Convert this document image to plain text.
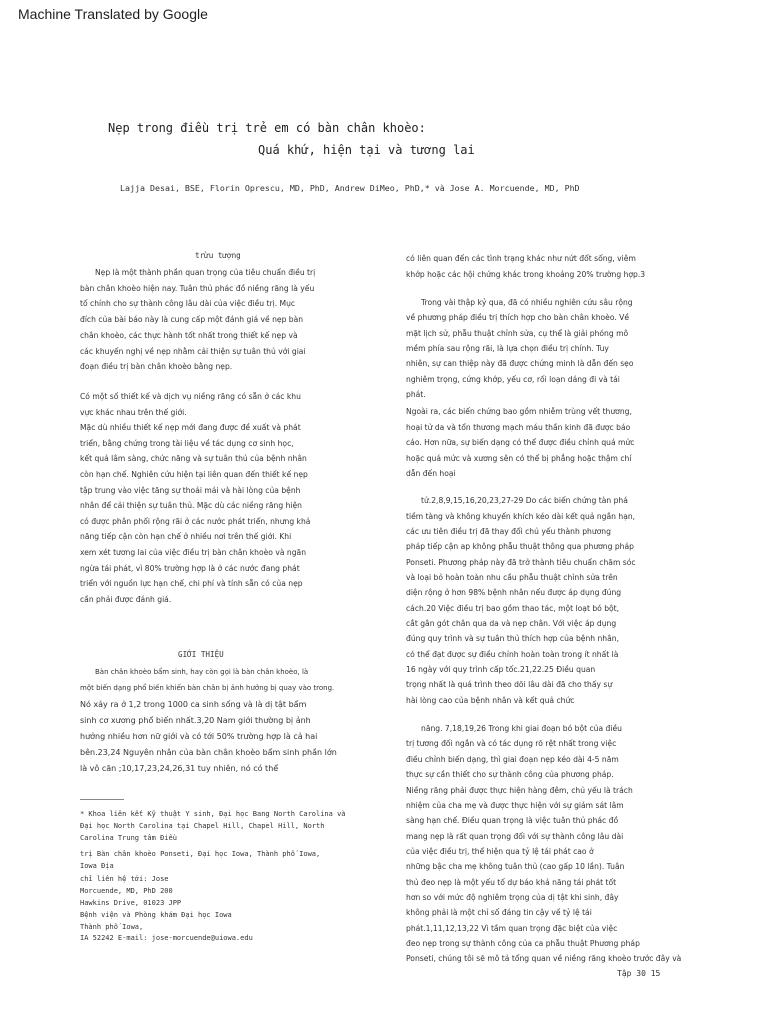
Machine Translated by Google
Nẹp trong điều trị trẻ em có bàn chân khoèo:
Quá khứ, hiện tại và tương lai
Lajja Desai, BSE, Florin Oprescu, MD, PhD, Andrew DiMeo, PhD,* và Jose A. Morcuende, MD, PhD
trừu tượng
Nẹp là một thành phần quan trọng của tiêu chuẩn điều trị
bàn chân khoèo hiện nay. Tuân thủ phác đồ niềng răng là yếu
tố chính cho sự thành công lâu dài của việc điều trị. Mục
đích của bài báo này là cung cấp một đánh giá về nẹp bàn
chân khoèo, các thực hành tốt nhất trong thiết kế nẹp và
các khuyến nghị về nẹp nhằm cải thiện sự tuân thủ với giai
đoạn điều trị bàn chân khoèo bằng nẹp.
Có một số thiết kế và dịch vụ niềng răng có sẵn ở các khu
vực khác nhau trên thế giới.
Mặc dù nhiều thiết kế nẹp mới đang được đề xuất và phát
triển, bằng chứng trong tài liệu về tác dụng cơ sinh học,
kết quả lâm sàng, chức năng và sự tuân thủ của bệnh nhân
còn hạn chế. Nghiên cứu hiện tại liên quan đến thiết kế nẹp
tập trung vào việc tăng sự thoải mái và hài lòng của bệnh
nhân để cải thiện sự tuân thủ. Mặc dù các niềng răng hiện
có được phân phối rộng rãi ở các nước phát triển, nhưng khả
năng tiếp cận còn hạn chế ở nhiều nơi trên thế giới. Khi
xem xét tương lai của việc điều trị bàn chân khoèo và ngăn
ngừa tái phát, vì 80% trường hợp là ở các nước đang phát
triển với nguồn lực hạn chế, chi phí và tính sẵn có của nẹp
cần phải được đánh giá.
GIỚI THIỆU
Bàn chân khoèo bẩm sinh, hay còn gọi là bàn chân khoèo, là
một biến dạng phổ biến khiến bàn chân bị ảnh hưởng bị quay vào trong.
Nó xảy ra ở 1,2 trong 1000 ca sinh sống và là dị tật bẩm
sinh cơ xương phổ biến nhất.3,20 Nam giới thường bị ảnh
hưởng nhiều hơn nữ giới và có tới 50% trường hợp là cả hai
bên.23,24 Nguyên nhân của bàn chân khoèo bẩm sinh phần lớn
là vô căn ;10,17,23,24,26,31 tuy nhiên, nó có thể
* Khoa liên kết Kỹ thuật Y sinh, Đại học Bang North Carolina và
Đại học North Carolina tại Chapel Hill, Chapel Hill, North
Carolina Trung tâm Điều
trị Bàn chân khoèo Ponseti, Đại học Iowa, Thành phố Iowa,
Iowa Địa
chỉ liên hệ tới: Jose
Morcuende, MD, PhD 200
Hawkins Drive, 01023 JPP
Bệnh viện và Phòng khám Đại học Iowa
Thành phố Iowa,
IA 52242 E-mail: jose-morcuende@uiowa.edu
có liên quan đến các tình trạng khác như nứt đốt sống, viêm
khớp hoặc các hội chứng khác trong khoảng 20% trường hợp.3
Trong vài thập kỷ qua, đã có nhiều nghiên cứu sâu rộng
về phương pháp điều trị thích hợp cho bàn chân khoèo. Về
mặt lịch sử, phẫu thuật chỉnh sửa, cụ thể là giải phóng mô
mềm phía sau rộng rãi, là lựa chọn điều trị chính. Tuy
nhiên, sự can thiệp này đã được chứng minh là dẫn đến sẹo
nghiêm trọng, cứng khớp, yếu cơ, rối loạn dáng đi và tái
phát.
Ngoài ra, các biến chứng bao gồm nhiễm trùng vết thương,
hoại tử da và tổn thương mạch máu thần kinh đã được báo
cáo. Hơn nữa, sự biến dạng có thể được điều chỉnh quá mức
hoặc quá mức và xương sên có thể bị phẳng hoặc thậm chí
dẫn đến hoại
tử.2,8,9,15,16,20,23,27-29 Do các biến chứng tàn phá
tiềm tàng và không khuyến khích kéo dài kết quả ngắn hạn,
các ưu tiên điều trị đã thay đổi chủ yếu thành phương
pháp tiếp cận ap không phẫu thuật thông qua phương pháp
Ponseti. Phương pháp này đã trở thành tiêu chuẩn chăm sóc
và loại bỏ hoàn toàn nhu cầu phẫu thuật chỉnh sửa trên
diện rộng ở hơn 98% bệnh nhân nếu được áp dụng đúng
cách.20 Việc điều trị bao gồm thao tác, một loạt bó bột,
cắt gân gót chân qua da và nẹp chân. Với việc áp dụng
đúng quy trình và sự tuân thủ thích hợp của bệnh nhân,
có thể đạt được sự điều chỉnh hoàn toàn trong ít nhất là
16 ngày với quy trình cấp tốc.21,22.25 Điều quan
trọng nhất là quá trình theo dõi lâu dài đã cho thấy sự
hài lòng cao của bệnh nhân và kết quả chức
năng. 7,18,19,26 Trong khi giai đoạn bó bột của điều
trị tương đối ngắn và có tác dụng rõ rệt nhất trong việc
điều chỉnh biến dạng, thì giai đoạn nẹp kéo dài 4-5 năm
thực sự cần thiết cho sự thành công của phương pháp.
Niềng răng phải được thực hiện hàng đêm, chủ yếu là trách
nhiệm của cha mẹ và được thực hiện với sự giám sát lâm
sàng hạn chế. Điều quan trọng là việc tuân thủ phác đồ
mang nẹp là rất quan trọng đối với sự thành công lâu dài
của việc điều trị, thể hiện qua tỷ lệ tái phát cao ở
những bậc cha mẹ không tuân thủ (cao gấp 10 lần). Tuân
thủ đeo nẹp là một yếu tố dự báo khả năng tái phát tốt
hơn so với mức độ nghiêm trọng của dị tật khi sinh, đây
không phải là một chỉ số đáng tin cậy về tỷ lệ tái
phát.1,11,12,13,22 Vì tầm quan trọng đặc biệt của việc
đeo nẹp trong sự thành công của ca phẫu thuật Phương pháp
Ponseti, chúng tôi sẽ mô tả tổng quan về niềng răng khoèo trước đây và
Tập 30 15
